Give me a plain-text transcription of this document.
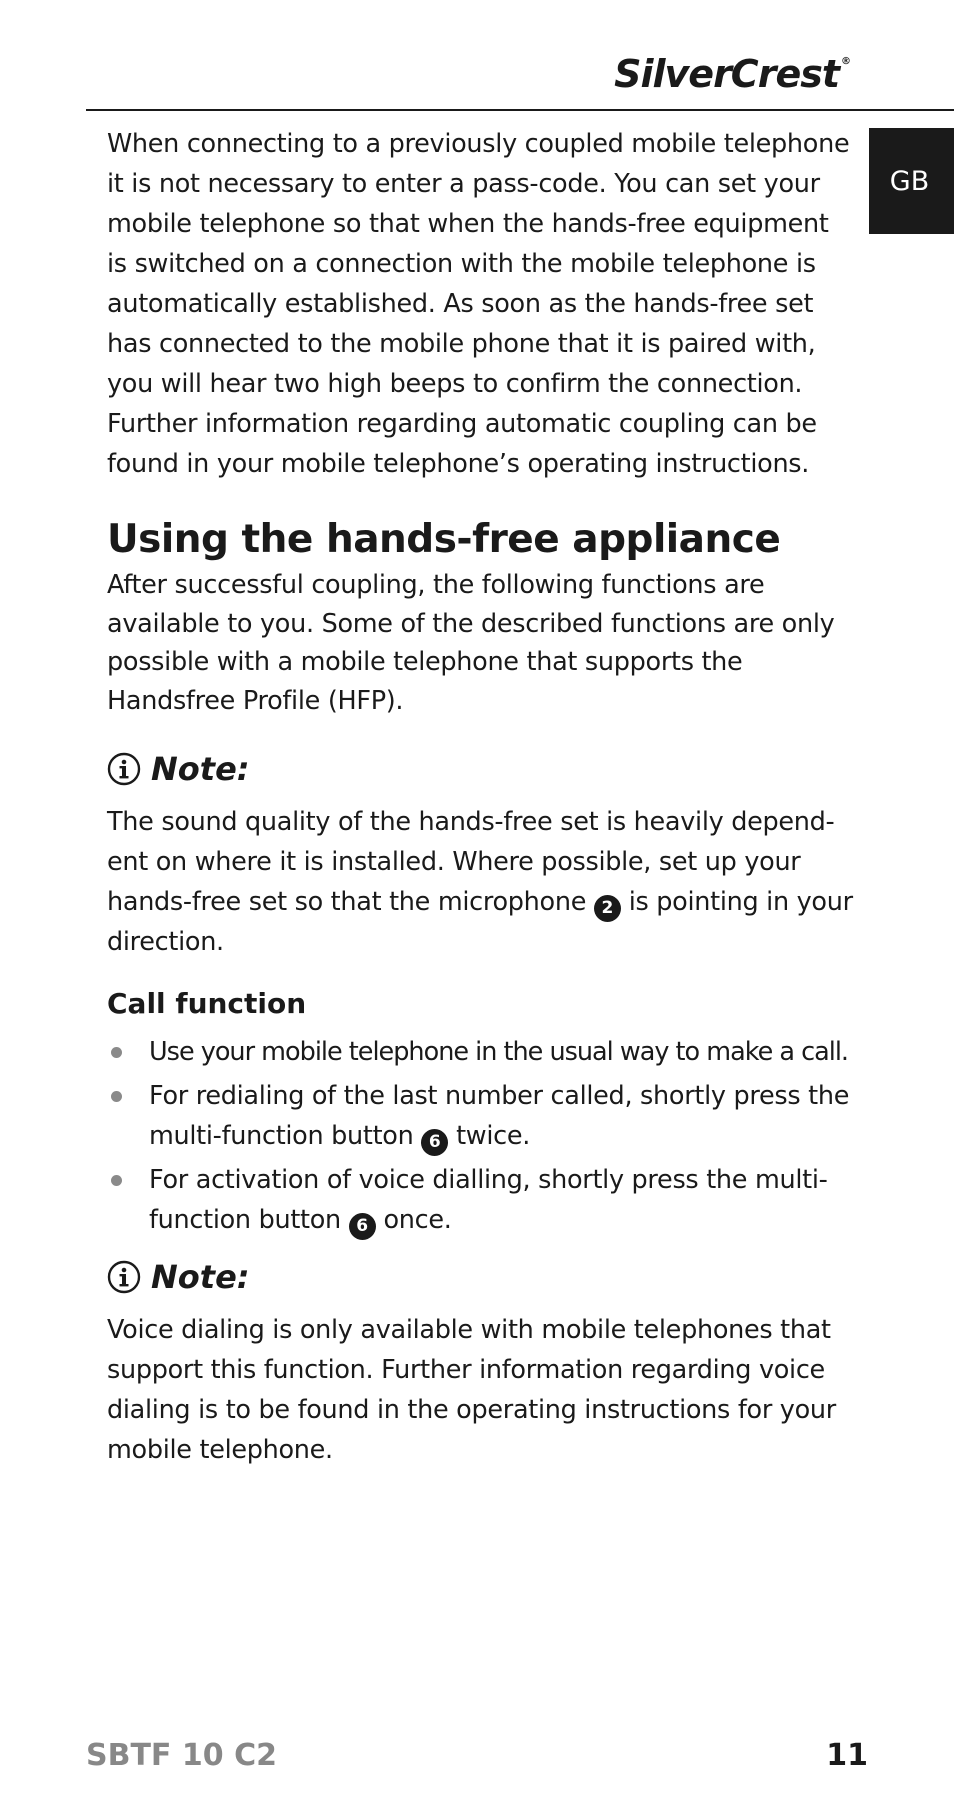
SilverCrest ®
GB

When connecting to a previously coupled mobile telephone it is not necessary to enter a pass-code. You can set your mobile telephone so that when the hands-free equipment is switched on a connection with the mobile telephone is automatically established. As soon as the hands-free set has connected to the mobile phone that it is paired with, you will hear two high beeps to confirm the connection. Further information regarding automatic coupling can be found in your mobile telephone’s operating instructions.

Using the hands-free appliance

After successful coupling, the following functions are available to you. Some of the described functions are only possible with a mobile telephone that supports the Handsfree Profile (HFP).

Note:

The sound quality of the hands-free set is heavily depend-ent on where it is installed. Where possible, set up your hands-free set so that the microphone 2 is pointing in your direction.

Call function
Use your mobile telephone in the usual way to make a call.
For redialing of the last number called, shortly press the multi-function button 6 twice.
For activation of voice dialling, shortly press the multi-function button 6 once.
Note:

Voice dialing is only available with mobile telephones that support this function. Further information regarding voice dialing is to be found in the operating instructions for your mobile telephone.

SBTF 10 C2	11
